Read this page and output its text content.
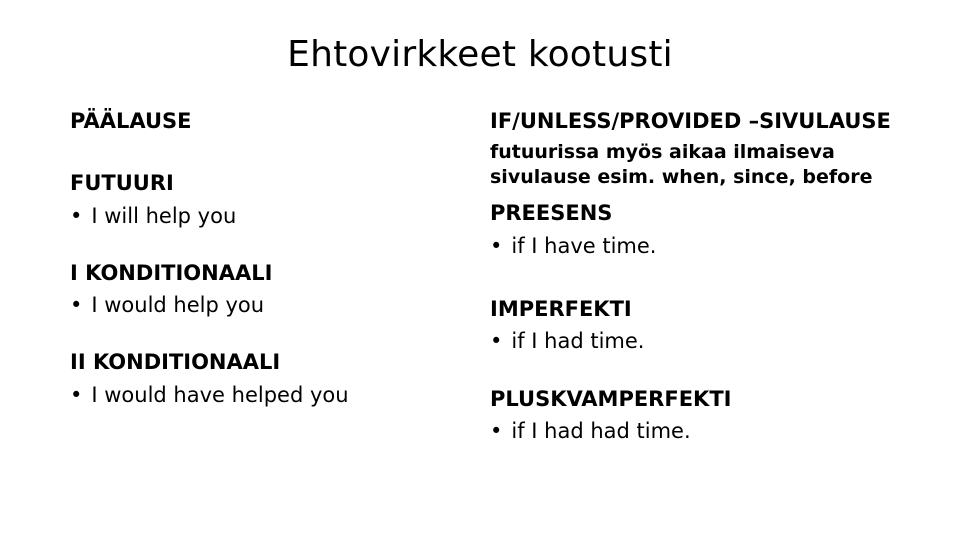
Ehtovirkkeet kootusti
PÄÄLAUSE
FUTUURI
• I will help you
I KONDITIONAALI
• I would help you
II KONDITIONAALI
• I would have helped you
IF/UNLESS/PROVIDED –SIVULAUSE
futuurissa myös aikaa ilmaiseva
sivulause esim. when, since, before
PREESENS
• if I have time.
IMPERFEKTI
• if I had time.
PLUSKVAMPERFEKTI
• if I had had time.
